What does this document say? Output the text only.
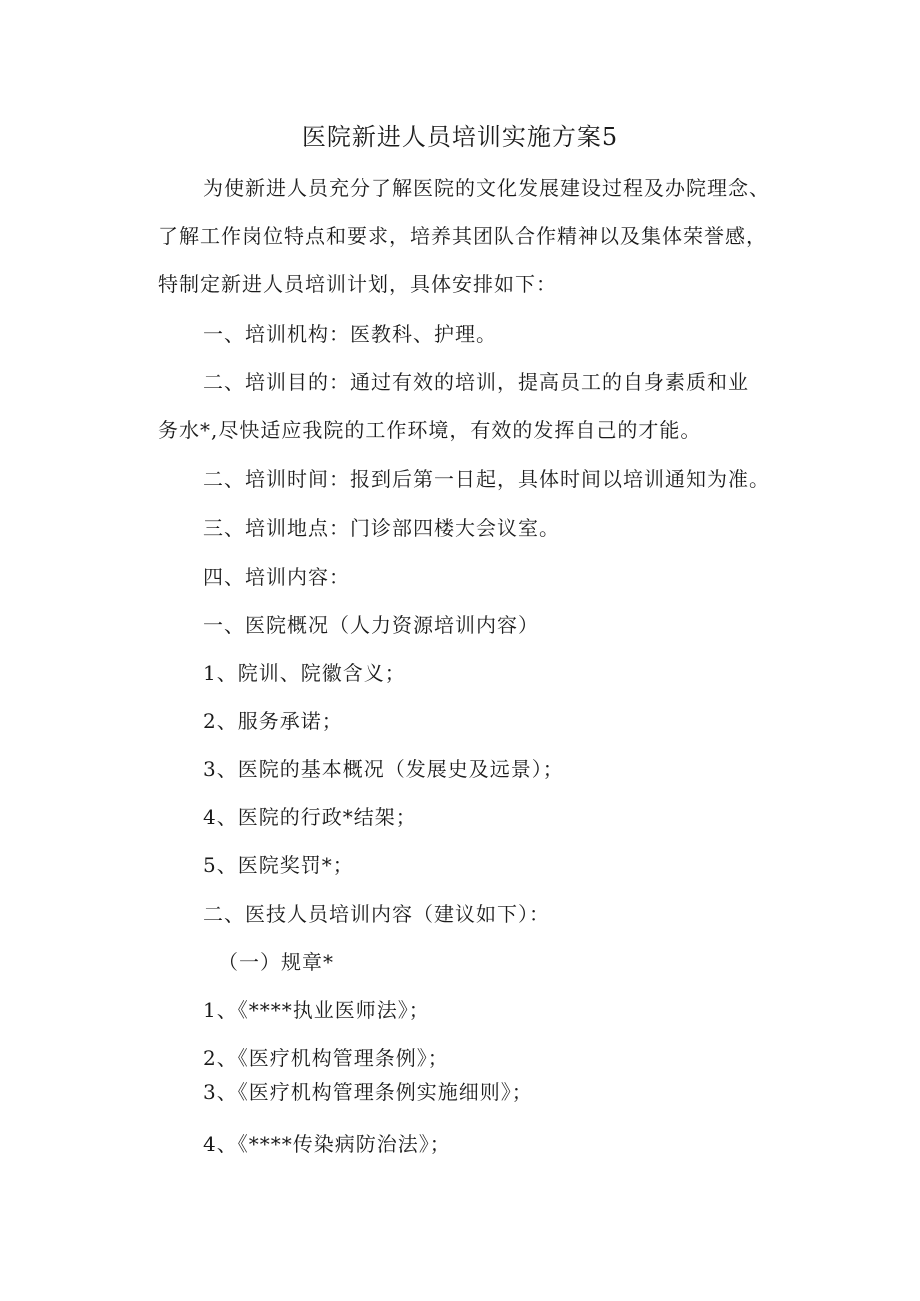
医院新进人员培训实施方案5
为使新进人员充分了解医院的文化发展建设过程及办院理念、
了解工作岗位特点和要求，培养其团队合作精神以及集体荣誉感，
特制定新进人员培训计划，具体安排如下：
一、培训机构：医教科、护理。
二、培训目的：通过有效的培训，提高员工的自身素质和业
务水*,尽快适应我院的工作环境，有效的发挥自己的才能。
二、培训时间：报到后第一日起，具体时间以培训通知为准。
三、培训地点：门诊部四楼大会议室。
四、培训内容：
一、医院概况（人力资源培训内容）
1、院训、院徽含义；
2、服务承诺；
3、医院的基本概况（发展史及远景）；
4、医院的行政*结架；
5、医院奖罚*；
二、医技人员培训内容（建议如下）：
（一）规章*
1、《****执业医师法》；
2、《医疗机构管理条例》；
3、《医疗机构管理条例实施细则》；
4、《****传染病防治法》；
